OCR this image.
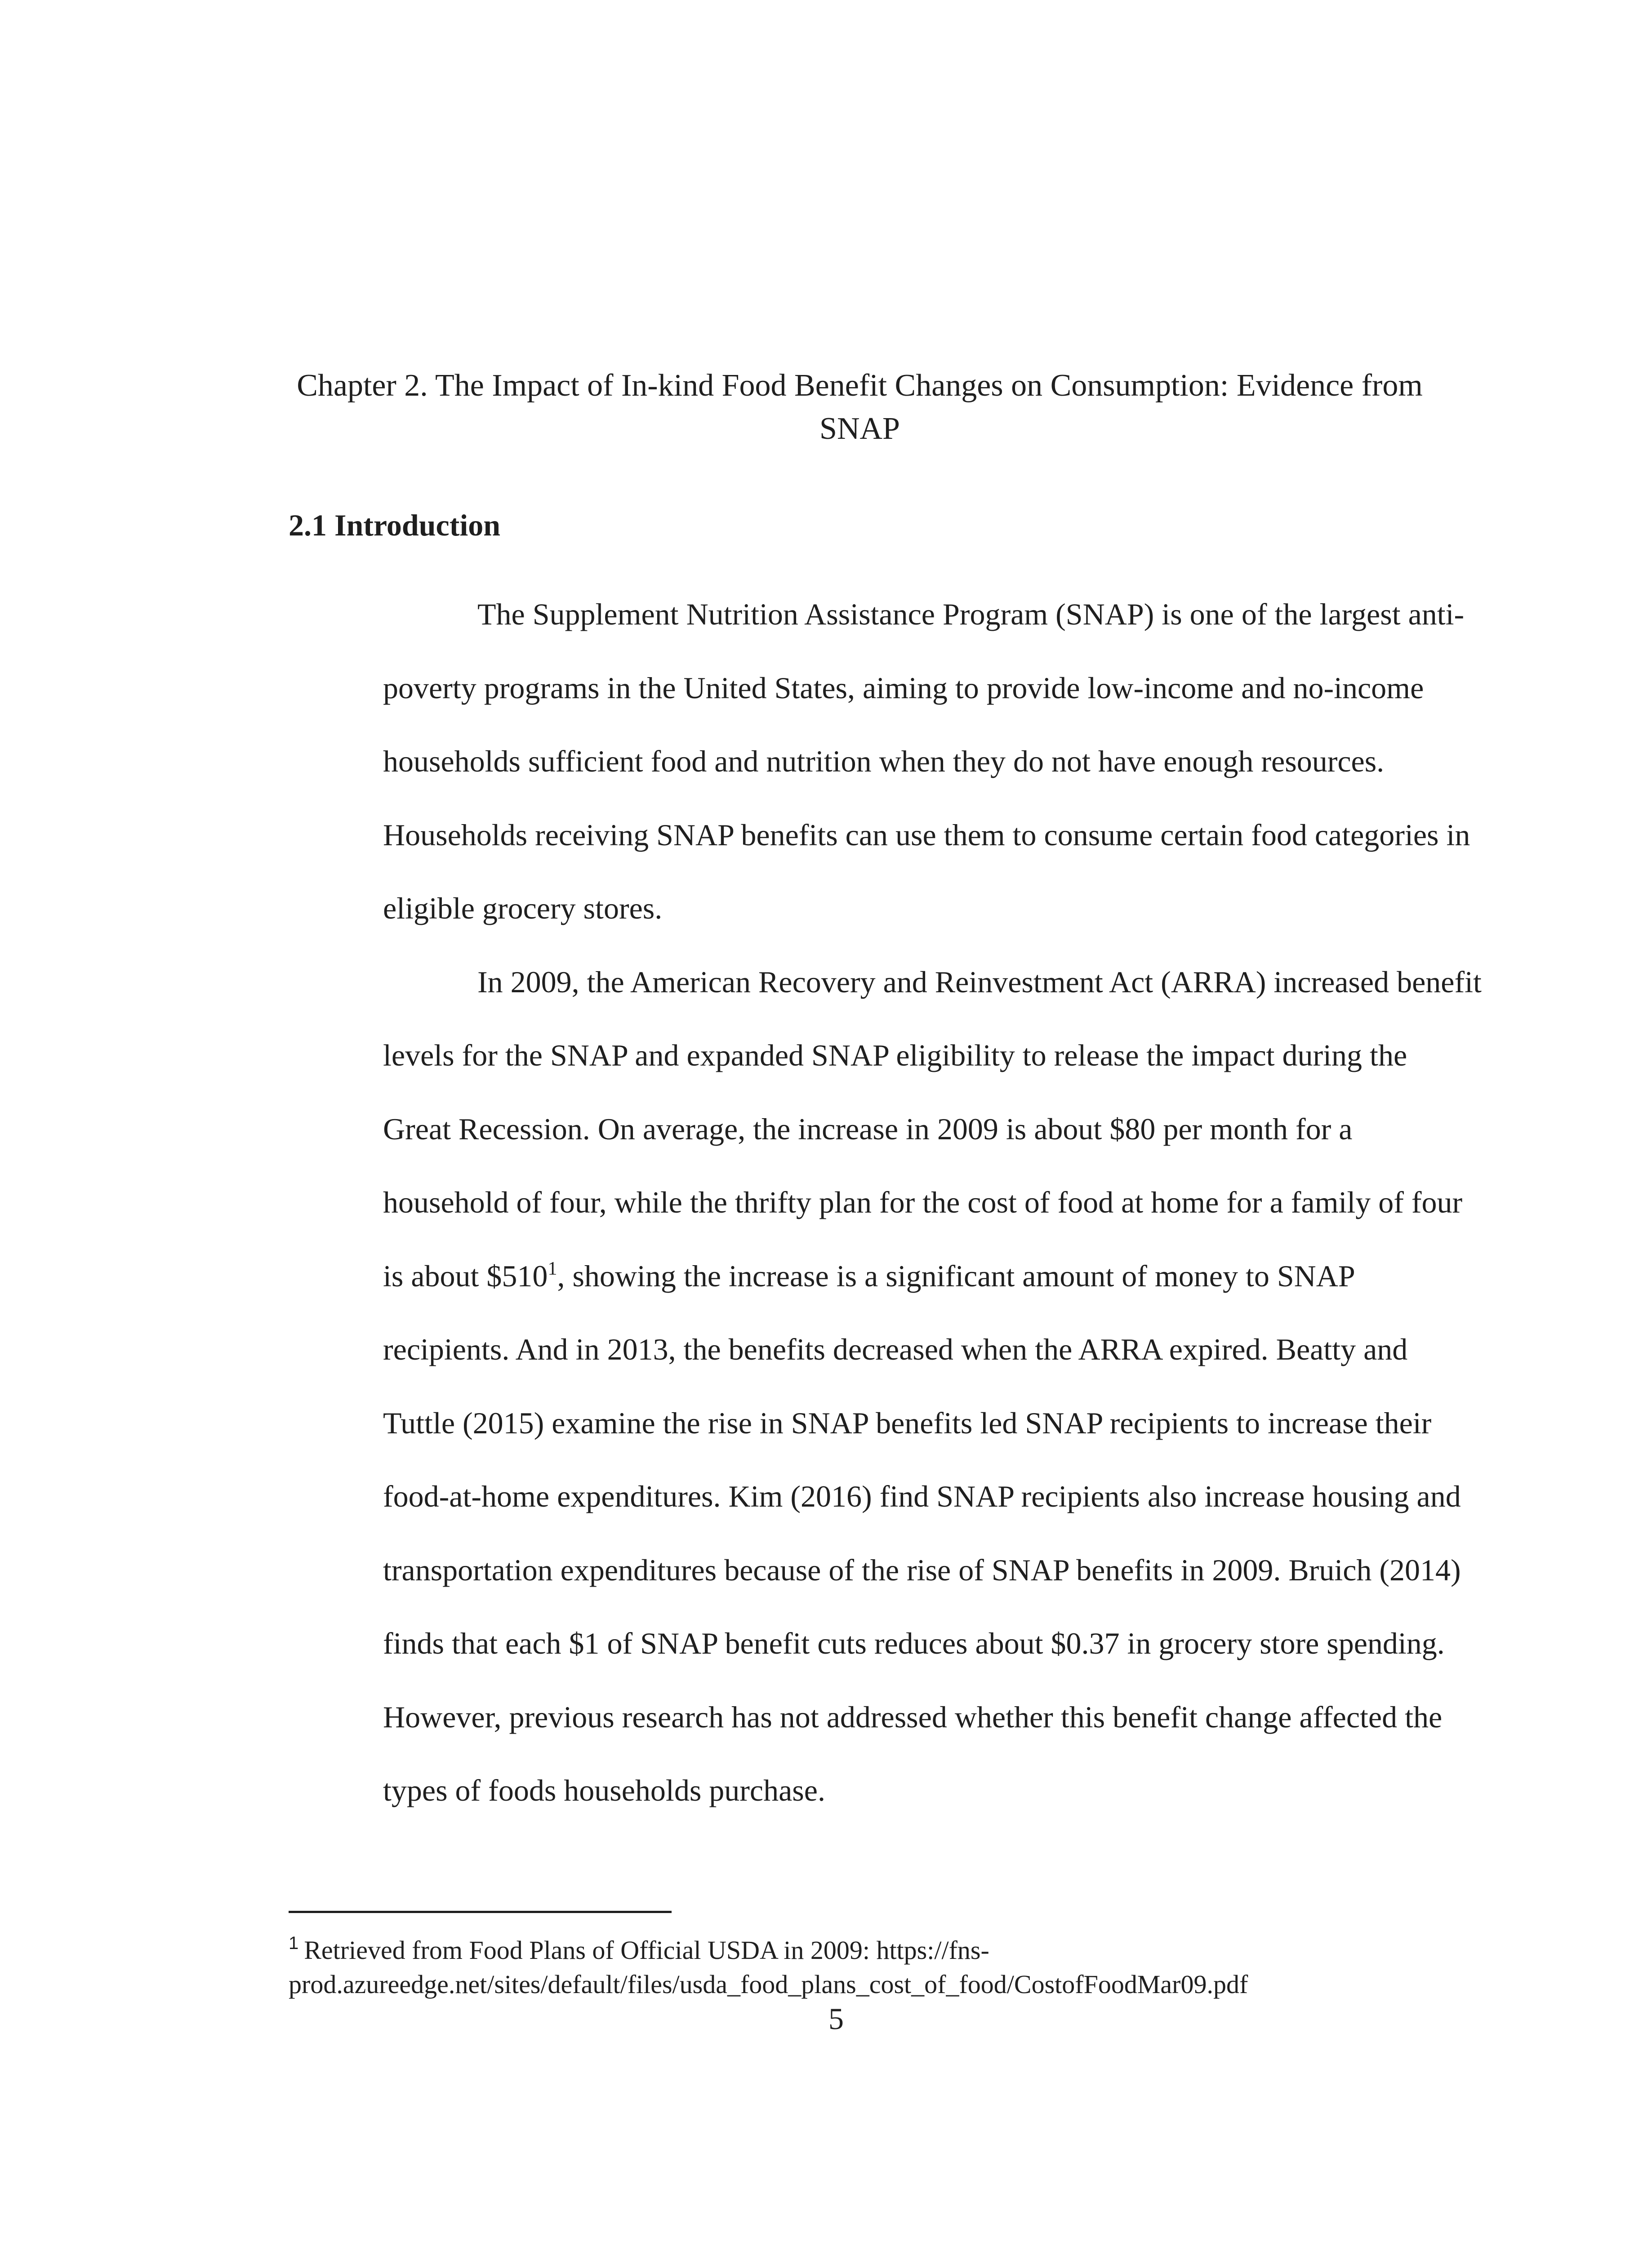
Chapter 2. The Impact of In-kind Food Benefit Changes on Consumption: Evidence from
SNAP
2.1 Introduction
The Supplement Nutrition Assistance Program (SNAP) is one of the largest anti-
poverty programs in the United States, aiming to provide low-income and no-income
households sufficient food and nutrition when they do not have enough resources.
Households receiving SNAP benefits can use them to consume certain food categories in
eligible grocery stores.
In 2009, the American Recovery and Reinvestment Act (ARRA) increased benefit
levels for the SNAP and expanded SNAP eligibility to release the impact during the
Great Recession. On average, the increase in 2009 is about $80 per month for a
household of four, while the thrifty plan for the cost of food at home for a family of four
is about $\$510^1$, showing the increase is a significant amount of money to SNAP
recipients. And in 2013, the benefits decreased when the ARRA expired. Beatty and
Tuttle (2015) examine the rise in SNAP benefits led SNAP recipients to increase their
food-at-home expenditures. Kim (2016) find SNAP recipients also increase housing and
transportation expenditures because of the rise of SNAP benefits in 2009. Bruich (2014)
finds that each $1 of SNAP benefit cuts reduces about $0.37 in grocery store spending.
However, previous research has not addressed whether this benefit change affected the
types of foods households purchase.
$^1$ Retrieved from Food Plans of Official USDA in 2009: https://fns-
prod.azureedge.net/sites/default/files/usda_food_plans_cost_of_food/CostofFoodMar09.pdf
5
